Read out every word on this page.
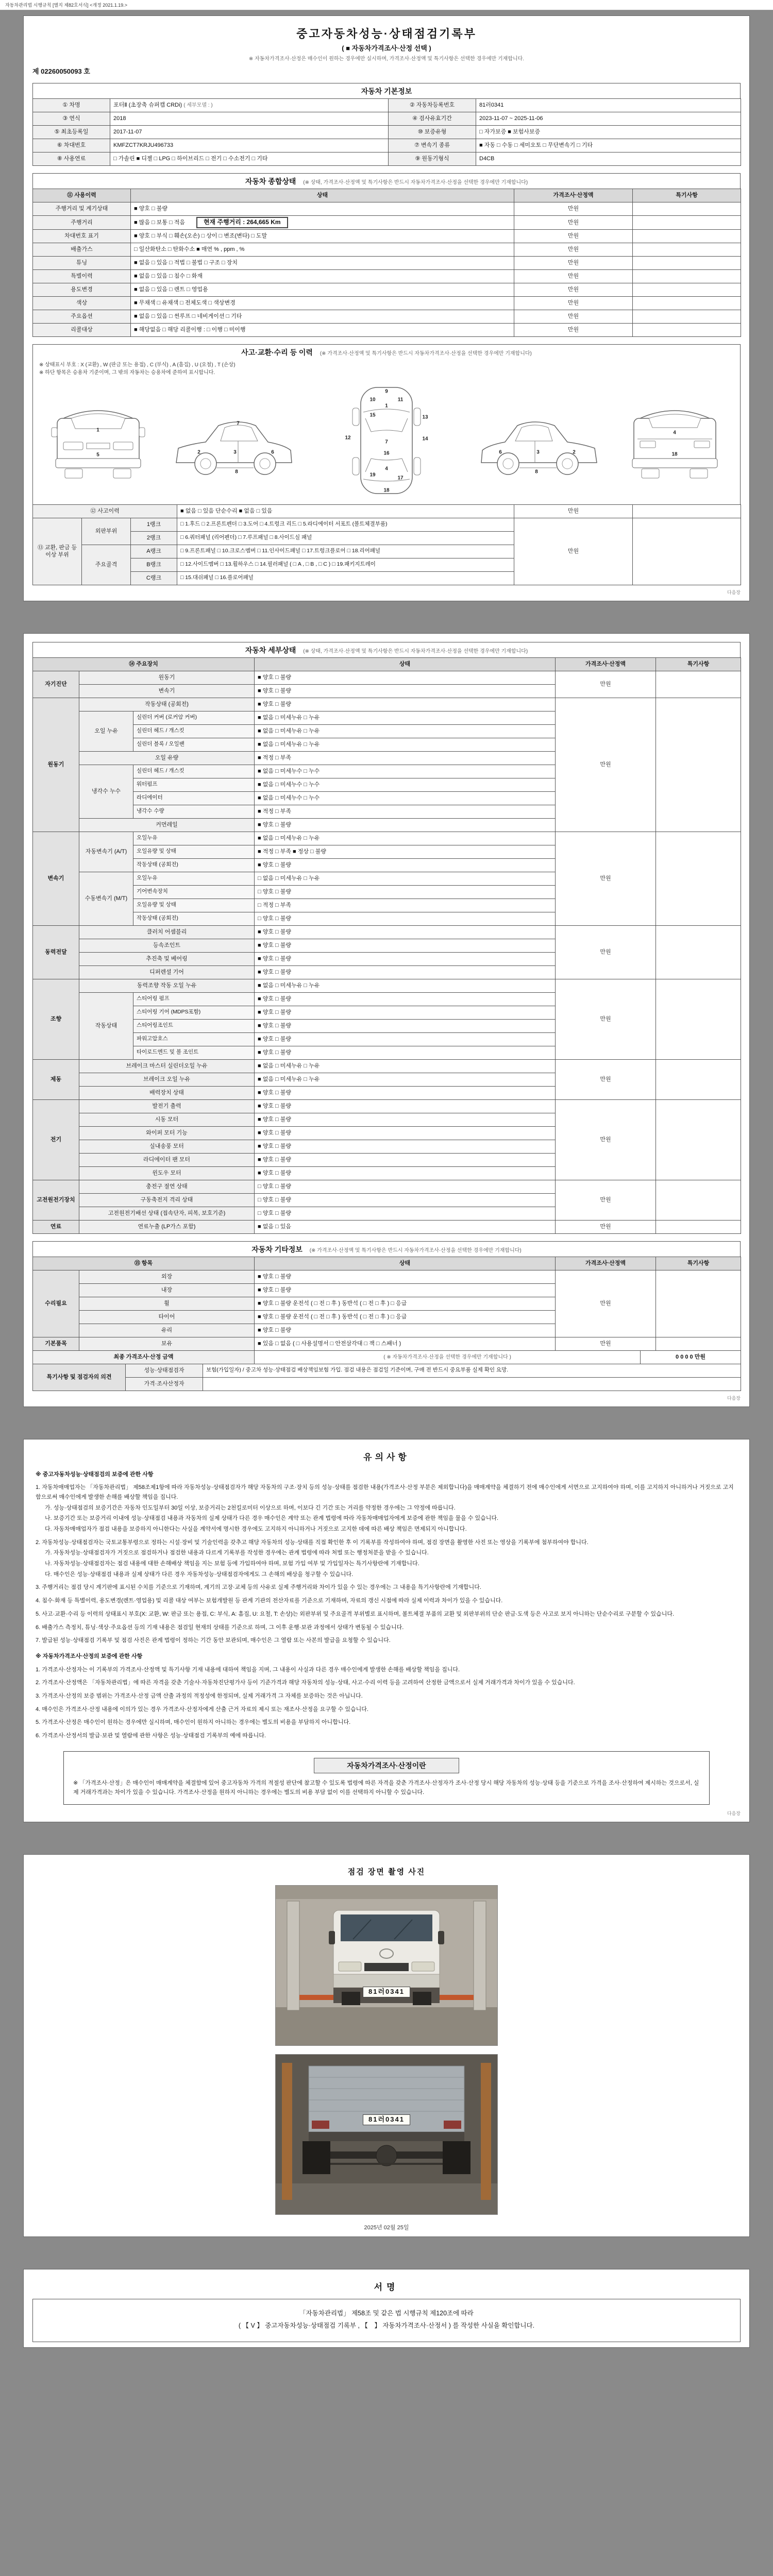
자동차관리법 시행규칙 [별지 제82호서식] <개정 2021.1.19.>
중고자동차성능·상태점검기록부
( ■ 자동차가격조사·산정 선택 )
※ 자동차가격조사·산정은 매수인이 원하는 경우에만 실시하며, 가격조사·산정액 및 특기사항은 선택한 경우에만 기재합니다.
제 02260050093 호
자동차 기본정보
① 차명	포터Ⅱ (초장축 슈퍼캡 CRDi) ( 세부모델 : )	② 자동차등록번호	81러0341
③ 연식	2018	④ 검사유효기간	2023-11-07 ~ 2025-11-06
⑤ 최초등록일	2017-11-07	⑩ 보증유형	□ 자가보증 ■ 보험사보증
⑥ 차대번호	KMFZCT7KRJU496733	⑦ 변속기 종류	■ 자동 □ 수동 □ 세미오토 □ 무단변속기 □ 기타
⑧ 사용연료	□ 가솔린 ■ 디젤 □ LPG □ 하이브리드 □ 전기 □ 수소전기 □ 기타	⑨ 원동기형식	D4CB
자동차 종합상태 (※ 상태, 가격조사·산정액 및 특기사항은 반드시 자동차가격조사·산정을 선택한 경우에만 기재합니다)
⑪ 사용이력	상태	가격조사·산정액	특기사항
주행거리 및 계기상태	■ 양호 □ 불량	만원	
주행거리	■ 많음 □ 보통 □ 적음 현재 주행거리 : 264,665 Km	만원	
차대번호 표기	■ 양호 □ 부식 □ 훼손(오손) □ 상이 □ 변조(변타) □ 도말	만원	
배출가스	□ 일산화탄소 □ 탄화수소 ■ 매연 % , ppm , %	만원	
튜닝	■ 없음 □ 있음 □ 적법 □ 불법 □ 구조 □ 장치	만원	
특별이력	■ 없음 □ 있음 □ 침수 □ 화재	만원	
용도변경	■ 없음 □ 있음 □ 렌트 □ 영업용	만원	
색상	■ 무채색 □ 유채색 □ 전체도색 □ 색상변경	만원	
주요옵션	■ 없음 □ 있음 □ 썬루프 □ 네비게이션 □ 기타	만원	
리콜대상	■ 해당없음 □ 해당 리콜이행 : □ 이행 □ 미이행	만원	
사고·교환·수리 등 이력 (※ 가격조사·산정액 및 특기사항은 반드시 자동차가격조사·산정을 선택한 경우에만 기재합니다)
※ 상태표시 부호 : X (교환) , W (판금 또는 용접) , C (부식) , A (흠집) , U (요철) , T (손상)
※ 하단 항목은 승용차 기준이며, 그 밖의 자동차는 승용차에 준하여 표시합니다.
1
5	2	3	6
7
8
9
10	11
1
15	13
12	14
7
16
19
4
17
18
6	3	2
8
4
18
⑫ 사고이력			■ 없음 □ 있음 단순수리 ■ 없음 □ 있음	만원	
⑬ 교환, 판금 등 이상 부위	외판부위	1랭크	□ 1.후드 □ 2.프론트펜더 □ 3.도어 □ 4.트렁크 리드 □ 5.라디에이터 서포트 (볼트체결부품)	만원	
		2랭크	□ 6.쿼터패널 (리어펜더) □ 7.루프패널 □ 8.사이드실 패널		
	주요골격	A랭크	□ 9.프론트패널 □ 10.크로스멤버 □ 11.인사이드패널 □ 17.트렁크플로어 □ 18.리어패널		
		B랭크	□ 12.사이드멤버 □ 13.휠하우스 □ 14.필러패널 ( □ A , □ B , □ C ) □ 19.패키지트레이		
		C랭크	□ 15.대쉬패널 □ 16.플로어패널		
다음장
자동차 세부상태 (※ 상태, 가격조사·산정액 및 특기사항은 반드시 자동차가격조사·산정을 선택한 경우에만 기재합니다)
⑭ 주요장치			상태	가격조사·산정액	특기사항
자기진단	원동기		■ 양호 □ 불량	만원	
	변속기		■ 양호 □ 불량		
원동기	작동상태 (공회전)		■ 양호 □ 불량	만원	
	오일 누유	실린더 커버 (로커암 커버)	■ 없음 □ 미세누유 □ 누유		
		실린더 헤드 / 개스킷	■ 없음 □ 미세누유 □ 누유		
		실린더 블록 / 오일팬	■ 없음 □ 미세누유 □ 누유		
	오일 유량		■ 적정 □ 부족		
	냉각수 누수	실린더 헤드 / 개스킷	■ 없음 □ 미세누수 □ 누수		
		워터펌프	■ 없음 □ 미세누수 □ 누수		
		라디에이터	■ 없음 □ 미세누수 □ 누수		
		냉각수 수량	■ 적정 □ 부족		
	커먼레일		■ 양호 □ 불량		
변속기	자동변속기 (A/T)	오일누유	■ 없음 □ 미세누유 □ 누유	만원	
		오일유량 및 상태	■ 적정 □ 부족 ■ 정상 □ 불량		
		작동상태 (공회전)	■ 양호 □ 불량		
	수동변속기 (M/T)	오일누유	□ 없음 □ 미세누유 □ 누유		
		기어변속장치	□ 양호 □ 불량		
		오일유량 및 상태	□ 적정 □ 부족		
		작동상태 (공회전)	□ 양호 □ 불량		
동력전달	클러치 어셈블리		■ 양호 □ 불량	만원	
	등속조인트		■ 양호 □ 불량		
	추진축 및 베어링		■ 양호 □ 불량		
	디퍼렌셜 기어		■ 양호 □ 불량		
조향	동력조향 작동 오일 누유		■ 없음 □ 미세누유 □ 누유	만원	
	작동상태	스티어링 펌프	■ 양호 □ 불량		
		스티어링 기어 (MDPS포함)	■ 양호 □ 불량		
		스티어링조인트	■ 양호 □ 불량		
		파워고압호스	■ 양호 □ 불량		
		타이로드엔드 및 볼 조인트	■ 양호 □ 불량		
제동	브레이크 마스터 실린더오일 누유		■ 없음 □ 미세누유 □ 누유	만원	
	브레이크 오일 누유		■ 없음 □ 미세누유 □ 누유		
	배력장치 상태		■ 양호 □ 불량		
전기	발전기 출력		■ 양호 □ 불량	만원	
	시동 모터		■ 양호 □ 불량		
	와이퍼 모터 기능		■ 양호 □ 불량		
	실내송풍 모터		■ 양호 □ 불량		
	라디에이터 팬 모터		■ 양호 □ 불량		
	윈도우 모터		■ 양호 □ 불량		
고전원전기장치	충전구 절연 상태		□ 양호 □ 불량	만원	
	구동축전지 격리 상태		□ 양호 □ 불량		
	고전원전기배선 상태 (접속단자, 피복, 보호기준)		□ 양호 □ 불량		
연료	연료누출 (LP가스 포함)		■ 없음 □ 있음	만원	
자동차 기타정보 (※ 가격조사·산정액 및 특기사항은 반드시 자동차가격조사·산정을 선택한 경우에만 기재합니다)
⑮ 항목		상태	가격조사·산정액	특기사항
수리필요	외장	■ 양호 □ 불량	만원	
	내장	■ 양호 □ 불량		
	휠	■ 양호 □ 불량 운전석 ( □ 전 □ 후 ) 동반석 ( □ 전 □ 후 ) □ 응급		
	타이어	■ 양호 □ 불량 운전석 ( □ 전 □ 후 ) 동반석 ( □ 전 □ 후 ) □ 응급		
	유리	■ 양호 □ 불량		
기본품목	보유	■ 있음 □ 없음 ( □ 사용설명서 □ 안전삼각대 □ 잭 □ 스패너 )	만원	
최종 가격조사·산정 금액	( ※ 자동차가격조사·산정을 선택한 경우에만 기재합니다 )	0 0 0 0 만원
특기사항 및 점검자의 의견	성능·상태점검자	보험(가입일자) / 중고차 성능·상태점검 배상책임보험 가입. 점검 내용은 점검일 기준이며, 구매 전 반드시 중요부품 실제 확인 요망.
	가격·조사산정자	
다음장
유의사항
※ 중고자동차성능·상태점검의 보증에 관한 사항
1. 자동차매매업자는 「자동차관리법」 제58조제1항에 따라 자동차성능·상태점검자가 해당 자동차의 구조·장치 등의 성능·상태를 점검한 내용(가격조사·산정 부분은 제외합니다)을 매매계약을 체결하기 전에 매수인에게 서면으로 고지하여야 하며, 이를 고지하지 아니하거나 거짓으로 고지함으로써 매수인에게 발생한 손해를 배상할 책임을 집니다.
가. 성능·상태점검의 보증기간은 자동차 인도일부터 30일 이상, 보증거리는 2천킬로미터 이상으로 하며, 이보다 긴 기간 또는 거리를 약정한 경우에는 그 약정에 따릅니다.
나. 보증기간 또는 보증거리 이내에 성능·상태점검 내용과 자동차의 실제 상태가 다른 경우 매수인은 계약 또는 관계 법령에 따라 자동차매매업자에게 보증에 관한 책임을 물을 수 있습니다.
다. 자동차매매업자가 점검 내용을 보증하지 아니한다는 사실을 계약서에 명시한 경우에도 고지하지 아니하거나 거짓으로 고지한 데에 따른 배상 책임은 면제되지 아니합니다.
2. 자동차성능·상태점검자는 국토교통부령으로 정하는 시설·장비 및 기술인력을 갖추고 해당 자동차의 성능·상태를 직접 확인한 후 이 기록부를 작성하여야 하며, 점검 장면을 촬영한 사진 또는 영상을 기록부에 첨부하여야 합니다.
가. 자동차성능·상태점검자가 거짓으로 점검하거나 점검한 내용과 다르게 기록부를 작성한 경우에는 관계 법령에 따라 처벌 또는 행정처분을 받을 수 있습니다.
나. 자동차성능·상태점검자는 점검 내용에 대한 손해배상 책임을 지는 보험 등에 가입하여야 하며, 보험 가입 여부 및 가입일자는 특기사항란에 기재합니다.
다. 매수인은 성능·상태점검 내용과 실제 상태가 다른 경우 자동차성능·상태점검자에게도 그 손해의 배상을 청구할 수 있습니다.
3. 주행거리는 점검 당시 계기판에 표시된 수치를 기준으로 기재하며, 계기의 고장·교체 등의 사유로 실제 주행거리와 차이가 있을 수 있는 경우에는 그 내용을 특기사항란에 기재합니다.
4. 침수·화재 등 특별이력, 용도변경(렌트·영업용) 및 리콜 대상 여부는 보험개발원 등 관계 기관의 전산자료를 기준으로 기재하며, 자료의 갱신 시점에 따라 실제 이력과 차이가 있을 수 있습니다.
5. 사고·교환·수리 등 이력의 상태표시 부호(X: 교환, W: 판금 또는 용접, C: 부식, A: 흠집, U: 요철, T: 손상)는 외판부위 및 주요골격 부위별로 표시하며, 볼트체결 부품의 교환 및 외판부위의 단순 판금·도색 등은 사고로 보지 아니하는 단순수리로 구분할 수 있습니다.
6. 배출가스 측정치, 튜닝·색상·주요옵션 등의 기재 내용은 점검일 현재의 상태를 기준으로 하며, 그 이후 운행·보관 과정에서 상태가 변동될 수 있습니다.
7. 발급된 성능·상태점검 기록부 및 점검 사진은 관계 법령이 정하는 기간 동안 보관되며, 매수인은 그 열람 또는 사본의 발급을 요청할 수 있습니다.
※ 자동차가격조사·산정의 보증에 관한 사항
1. 가격조사·산정자는 이 기록부의 가격조사·산정액 및 특기사항 기재 내용에 대하여 책임을 지며, 그 내용이 사실과 다른 경우 매수인에게 발생한 손해를 배상할 책임을 집니다.
2. 가격조사·산정액은 「자동차관리법」에 따른 자격을 갖춘 기술사·자동차진단평가사 등이 기준가격과 해당 자동차의 성능·상태, 사고·수리 이력 등을 고려하여 산정한 금액으로서 실제 거래가격과 차이가 있을 수 있습니다.
3. 가격조사·산정의 보증 범위는 가격조사·산정 금액 산출 과정의 적정성에 한정되며, 실제 거래가격 그 자체를 보증하는 것은 아닙니다.
4. 매수인은 가격조사·산정 내용에 이의가 있는 경우 가격조사·산정자에게 산출 근거 자료의 제시 또는 재조사·산정을 요구할 수 있습니다.
5. 가격조사·산정은 매수인이 원하는 경우에만 실시하며, 매수인이 원하지 아니하는 경우에는 별도의 비용을 부담하지 아니합니다.
6. 가격조사·산정서의 발급·보관 및 열람에 관한 사항은 성능·상태점검 기록부의 예에 따릅니다.
자동차가격조사·산정이란
※ 「가격조사·산정」은 매수인이 매매계약을 체결함에 있어 중고자동차 가격의 적절성 판단에 참고할 수 있도록 법령에 따른 자격을 갖춘 가격조사·산정자가 조사·산정 당시 해당 자동차의 성능·상태 등을 기준으로 가격을 조사·산정하여 제시하는 것으로서, 실제 거래가격과는 차이가 있을 수 있습니다. 가격조사·산정을 원하지 아니하는 경우에는 별도의 비용 부담 없이 이를 선택하지 아니할 수 있습니다.
다음장
점검 장면 촬영 사진
81러0341
81러0341
2025년 02월 25일
서명
「자동차관리법」 제58조 및 같은 법 시행규칙 제120조에 따라
( 【 V 】 중고자동차성능·상태점검 기록부 , 【　】 자동차가격조사·산정서 ) 를 작성한 사실을 확인합니다.
